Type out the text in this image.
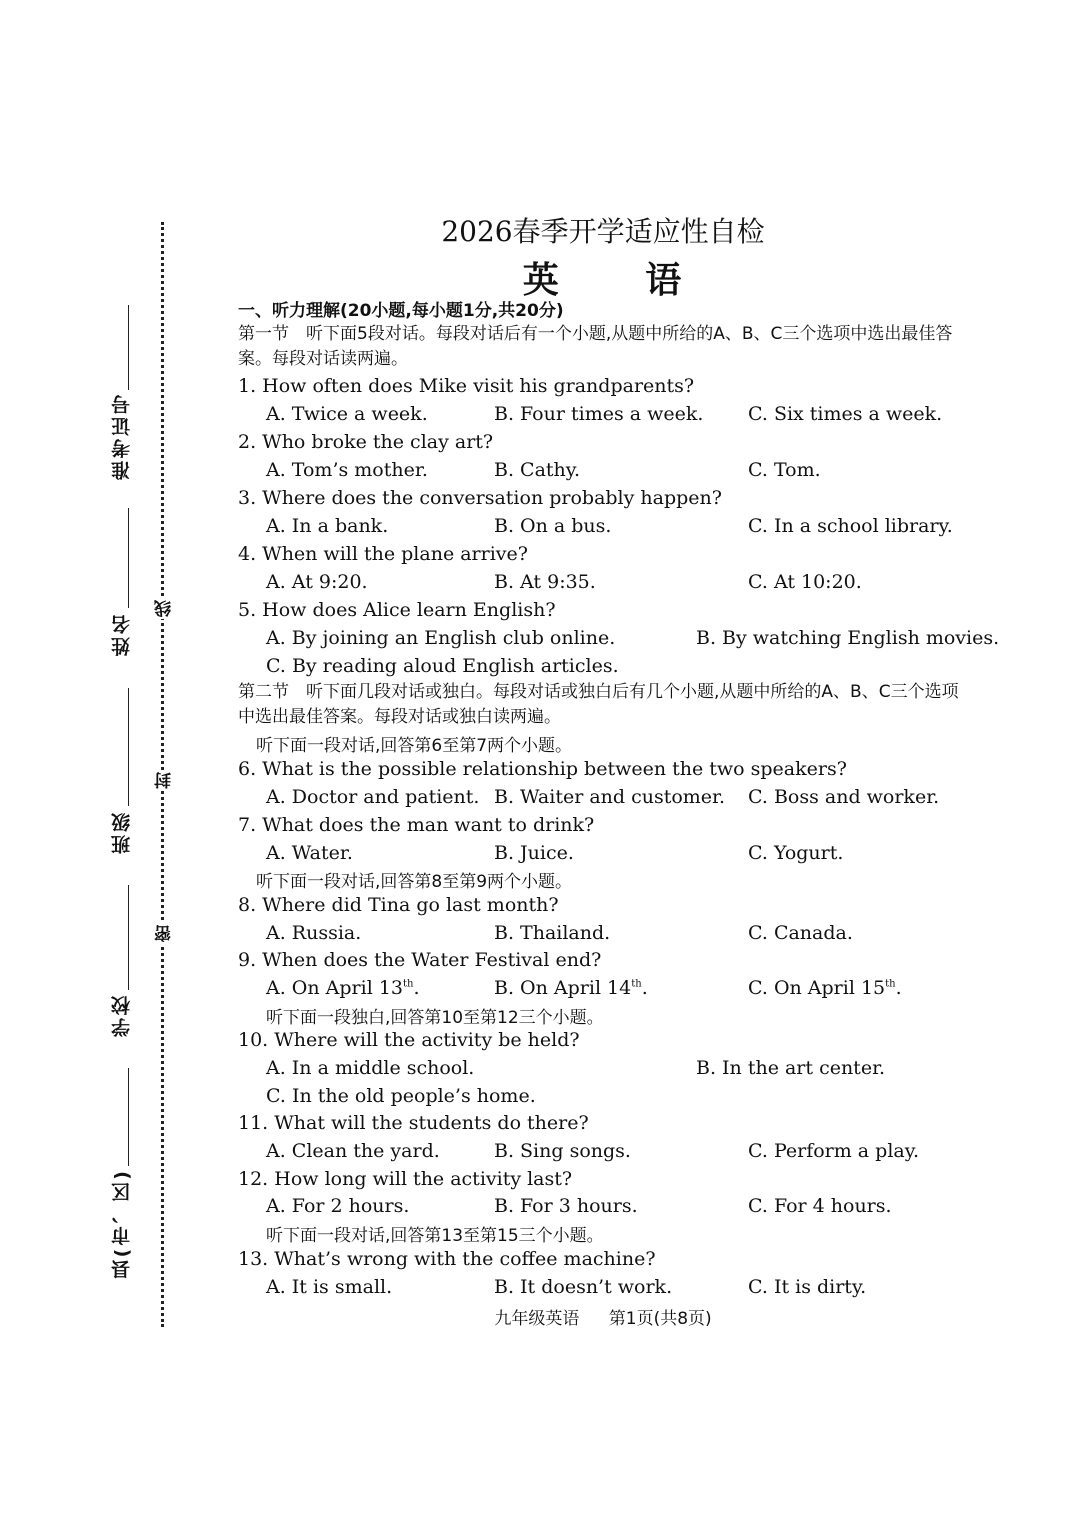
准考证号
姓名
班级
学校
县(市、区)
线
封
密
2026春季开学适应性自检
英 语
一、听力理解(20小题,每小题1分,共20分)
第一节　听下面5段对话。每段对话后有一个小题,从题中所给的A、B、C三个选项中选出最佳答案。每段对话读两遍。
1. How often does Mike visit his grandparents?
A. Twice a week.	B. Four times a week. C. Six times a week.
2. Who broke the clay art?
A. Tom’s mother.	B. Cathy.	C. Tom.
3. Where does the conversation probably happen?
A. In a bank.	B. On a bus.	C. In a school library.
4. When will the plane arrive?
A. At 9:20.	B. At 9:35.	C. At 10:20.
5. How does Alice learn English?
A. By joining an English club online.	B. By watching English movies.
C. By reading aloud English articles.
第二节　听下面几段对话或独白。每段对话或独白后有几个小题,从题中所给的A、B、C三个选项中选出最佳答案。每段对话或独白读两遍。
听下面一段对话,回答第6至第7两个小题。
6. What is the possible relationship between the two speakers?
A. Doctor and patient. B. Waiter and customer. C. Boss and worker.
7. What does the man want to drink?
A. Water.	B. Juice.	C. Yogurt.
听下面一段对话,回答第8至第9两个小题。
8. Where did Tina go last month?
A. Russia.	B. Thailand.	C. Canada.
9. When does the Water Festival end?
A. On April 13th.	B. On April 14th.	C. On April 15th.
听下面一段独白,回答第10至第12三个小题。
10. Where will the activity be held?
A. In a middle school.	B. In the art center.
C. In the old people’s home.
11. What will the students do there?
A. Clean the yard.	B. Sing songs.	C. Perform a play.
12. How long will the activity last?
A. For 2 hours.	B. For 3 hours.	C. For 4 hours.
听下面一段对话,回答第13至第15三个小题。
13. What’s wrong with the coffee machine?
A. It is small.	B. It doesn’t work.	C. It is dirty.
九年级英语 第1页(共8页)
